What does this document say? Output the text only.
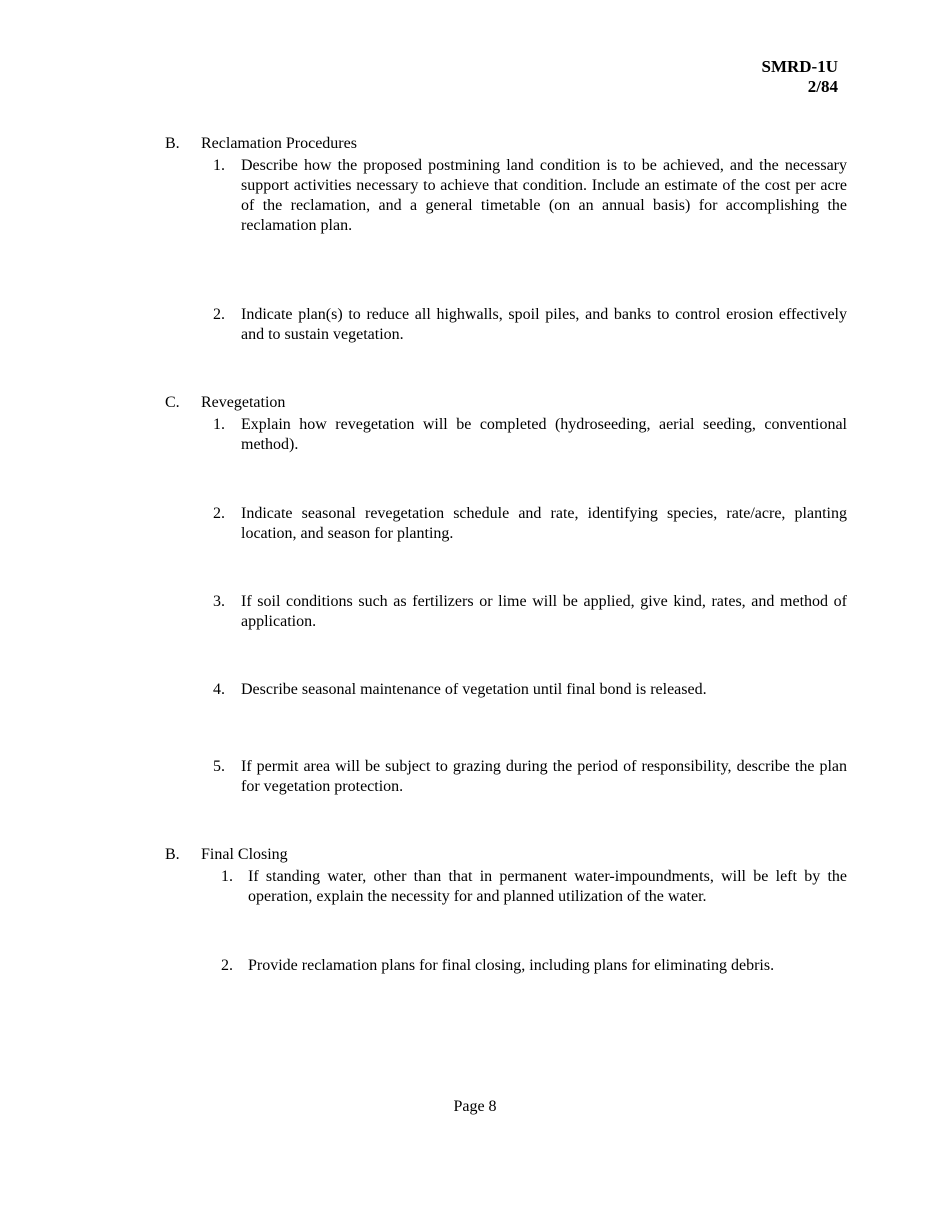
SMRD-1U
2/84
B. Reclamation Procedures
1. Describe how the proposed postmining land condition is to be achieved, and the necessary support activities necessary to achieve that condition. Include an estimate of the cost per acre of the reclamation, and a general timetable (on an annual basis) for accomplishing the reclamation plan.
2. Indicate plan(s) to reduce all highwalls, spoil piles, and banks to control erosion effectively and to sustain vegetation.
C. Revegetation
1. Explain how revegetation will be completed (hydroseeding, aerial seeding, conventional method).
2. Indicate seasonal revegetation schedule and rate, identifying species, rate/acre, planting location, and season for planting.
3. If soil conditions such as fertilizers or lime will be applied, give kind, rates, and method of application.
4. Describe seasonal maintenance of vegetation until final bond is released.
5. If permit area will be subject to grazing during the period of responsibility, describe the plan for vegetation protection.
B. Final Closing
1. If standing water, other than that in permanent water-impoundments, will be left by the operation, explain the necessity for and planned utilization of the water.
2. Provide reclamation plans for final closing, including plans for eliminating debris.
Page 8
